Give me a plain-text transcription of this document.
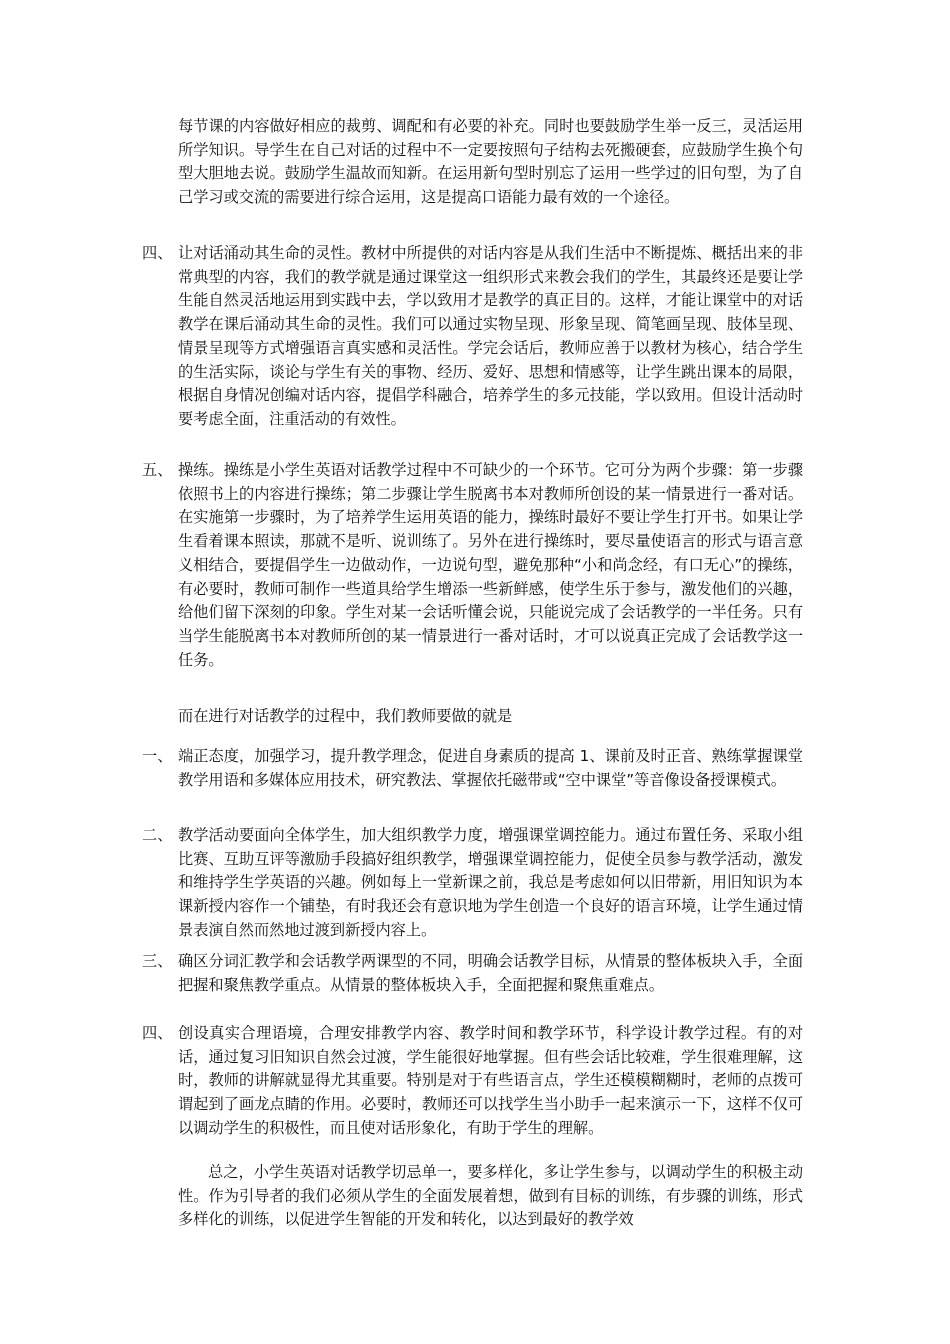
每节课的内容做好相应的裁剪、调配和有必要的补充。同时也要鼓励学生举一反三，灵活运用所学知识。导学生在自己对话的过程中不一定要按照句子结构去死搬硬套，应鼓励学生换个句型大胆地去说。鼓励学生温故而知新。在运用新句型时别忘了运用一些学过的旧句型，为了自己学习或交流的需要进行综合运用，这是提高口语能力最有效的一个途径。

四、 让对话涌动其生命的灵性。教材中所提供的对话内容是从我们生活中不断提炼、概括出来的非常典型的内容，我们的教学就是通过课堂这一组织形式来教会我们的学生，其最终还是要让学生能自然灵活地运用到实践中去，学以致用才是教学的真正目的。这样，才能让课堂中的对话教学在课后涌动其生命的灵性。我们可以通过实物呈现、形象呈现、简笔画呈现、肢体呈现、情景呈现等方式增强语言真实感和灵活性。学完会话后，教师应善于以教材为核心，结合学生的生活实际，谈论与学生有关的事物、经历、爱好、思想和情感等，让学生跳出课本的局限，根据自身情况创编对话内容，提倡学科融合，培养学生的多元技能，学以致用。但设计活动时要考虑全面，注重活动的有效性。
五、 操练。操练是小学生英语对话教学过程中不可缺少的一个环节。它可分为两个步骤：第一步骤依照书上的内容进行操练；第二步骤让学生脱离书本对教师所创设的某一情景进行一番对话。在实施第一步骤时，为了培养学生运用英语的能力，操练时最好不要让学生打开书。如果让学生看着课本照读，那就不是听、说训练了。另外在进行操练时，要尽量使语言的形式与语言意义相结合，要提倡学生一边做动作，一边说句型，避免那种“小和尚念经，有口无心”的操练，有必要时，教师可制作一些道具给学生增添一些新鲜感，使学生乐于参与，激发他们的兴趣，给他们留下深刻的印象。学生对某一会话听懂会说，只能说完成了会话教学的一半任务。只有当学生能脱离书本对教师所创的某一情景进行一番对话时，才可以说真正完成了会话教学这一任务。

而在进行对话教学的过程中，我们教师要做的就是

一、 端正态度，加强学习，提升教学理念，促进自身素质的提高 1、课前及时正音、熟练掌握课堂教学用语和多媒体应用技术，研究教法、掌握依托磁带或“空中课堂”等音像设备授课模式。
二、 教学活动要面向全体学生，加大组织教学力度，增强课堂调控能力。通过布置任务、采取小组比赛、互助互评等激励手段搞好组织教学，增强课堂调控能力，促使全员参与教学活动，激发和维持学生学英语的兴趣。例如每上一堂新课之前，我总是考虑如何以旧带新，用旧知识为本课新授内容作一个铺垫，有时我还会有意识地为学生创造一个良好的语言环境，让学生通过情景表演自然而然地过渡到新授内容上。
三、 确区分词汇教学和会话教学两课型的不同，明确会话教学目标，从情景的整体板块入手，全面把握和聚焦教学重点。从情景的整体板块入手，全面把握和聚焦重难点。
四、 创设真实合理语境，合理安排教学内容、教学时间和教学环节，科学设计教学过程。有的对话，通过复习旧知识自然会过渡，学生能很好地掌握。但有些会话比较难，学生很难理解，这时，教师的讲解就显得尤其重要。特别是对于有些语言点，学生还模模糊糊时，老师的点拨可谓起到了画龙点睛的作用。必要时，教师还可以找学生当小助手一起来演示一下，这样不仅可以调动学生的积极性，而且使对话形象化，有助于学生的理解。

总之，小学生英语对话教学切忌单一，要多样化，多让学生参与，以调动学生的积极主动性。作为引导者的我们必须从学生的全面发展着想，做到有目标的训练，有步骤的训练，形式多样化的训练，以促进学生智能的开发和转化，以达到最好的教学效
